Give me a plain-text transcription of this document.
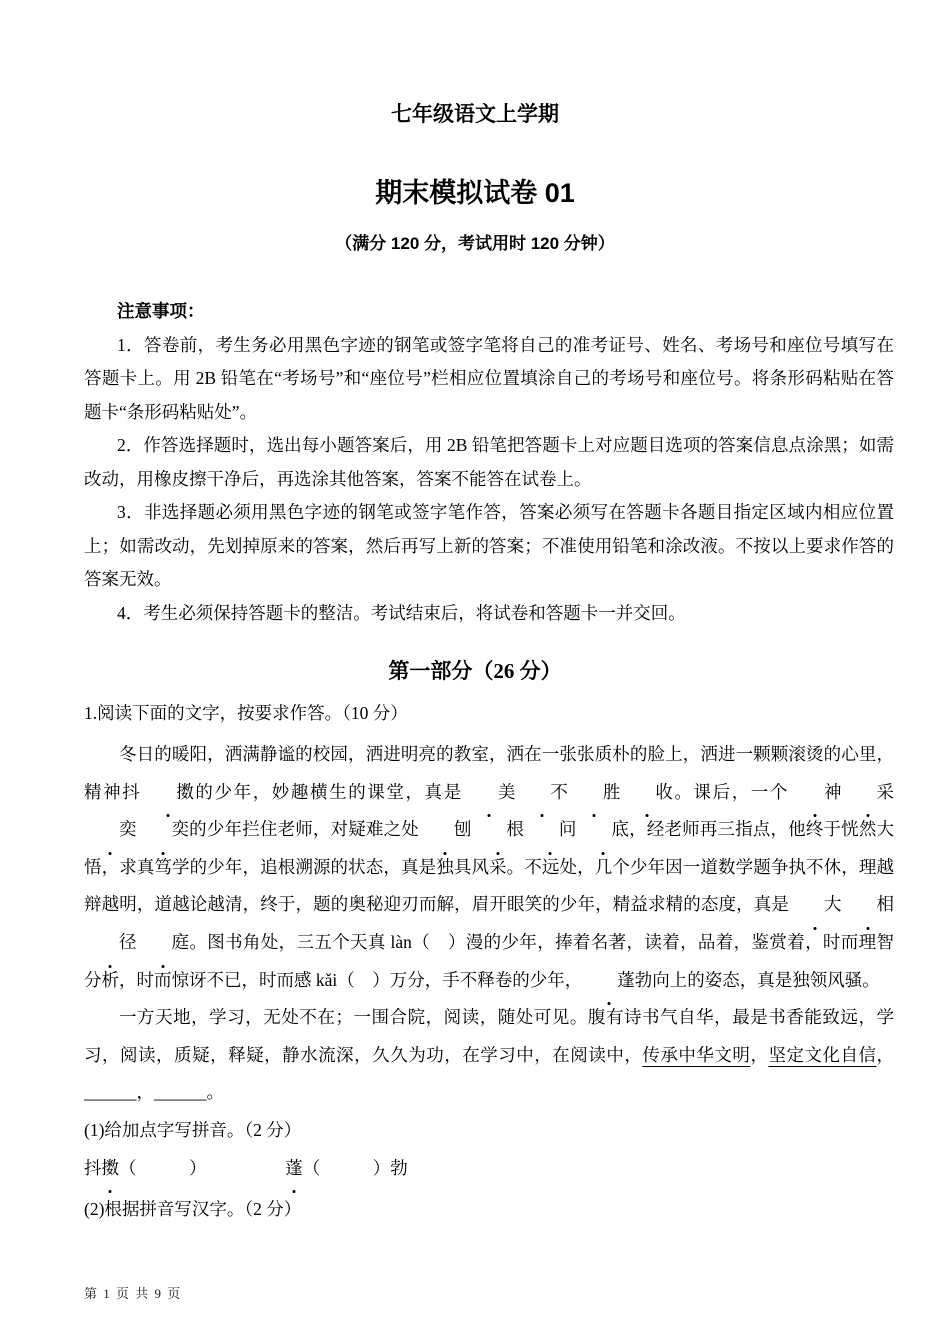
七年级语文上学期
期末模拟试卷 01
（满分 120 分，考试用时 120 分钟）

注意事项：

1．答卷前，考生务必用黑色字迹的钢笔或签字笔将自己的准考证号、姓名、考场号和座位号填写在答题卡上。用 2B 铅笔在“考场号”和“座位号”栏相应位置填涂自己的考场号和座位号。将条形码粘贴在答题卡“条形码粘贴处”。

2．作答选择题时，选出每小题答案后，用 2B 铅笔把答题卡上对应题目选项的答案信息点涂黑；如需改动，用橡皮擦干净后，再选涂其他答案，答案不能答在试卷上。

3．非选择题必须用黑色字迹的钢笔或签字笔作答，答案必须写在答题卡各题目指定区域内相应位置上；如需改动，先划掉原来的答案，然后再写上新的答案；不准使用铅笔和涂改液。不按以上要求作答的答案无效。

4．考生必须保持答题卡的整洁。考试结束后，将试卷和答题卡一并交回。

第一部分（26 分）

1.阅读下面的文字，按要求作答。（10 分）

冬日的暖阳，洒满静谧的校园，洒进明亮的教室，洒在一张张质朴的脸上，洒进一颗颗滚烫的心里，精神抖 擞的少年，妙趣横生的课堂，真是 美 不 胜 收。课后，一个 神 采奕 奕的少年拦住老师，对疑难之处 刨 根 问 底，经老师再三指点，他终于恍然大悟，求真笃学的少年，追根溯源的状态，真是独具风采。不远处，几个少年因一道数学题争执不休，理越辩越明，道越论越清，终于，题的奥秘迎刃而解，眉开眼笑的少年，精益求精的态度，真是 大 相径 庭。图书角处，三五个天真 làn（　）漫的少年，捧着名著，读着，品着，鉴赏着，时而理智分析，时而惊讶不已，时而感 kǎi（　）万分，手不释卷的少年， 蓬勃向上的姿态，真是独领风骚。

一方天地，学习，无处不在；一围合院，阅读，随处可见。腹有诗书气自华，最是书香能致远，学习，阅读，质疑，释疑，静水流深，久久为功，在学习中，在阅读中，传承中华文明，坚定文化自信，______，______。

(1)给加点字写拼音。（2 分）

抖擞（　　　）　　　　　蓬（　　　）勃

(2)根据拼音写汉字。（2 分）

第 1 页 共 9 页
